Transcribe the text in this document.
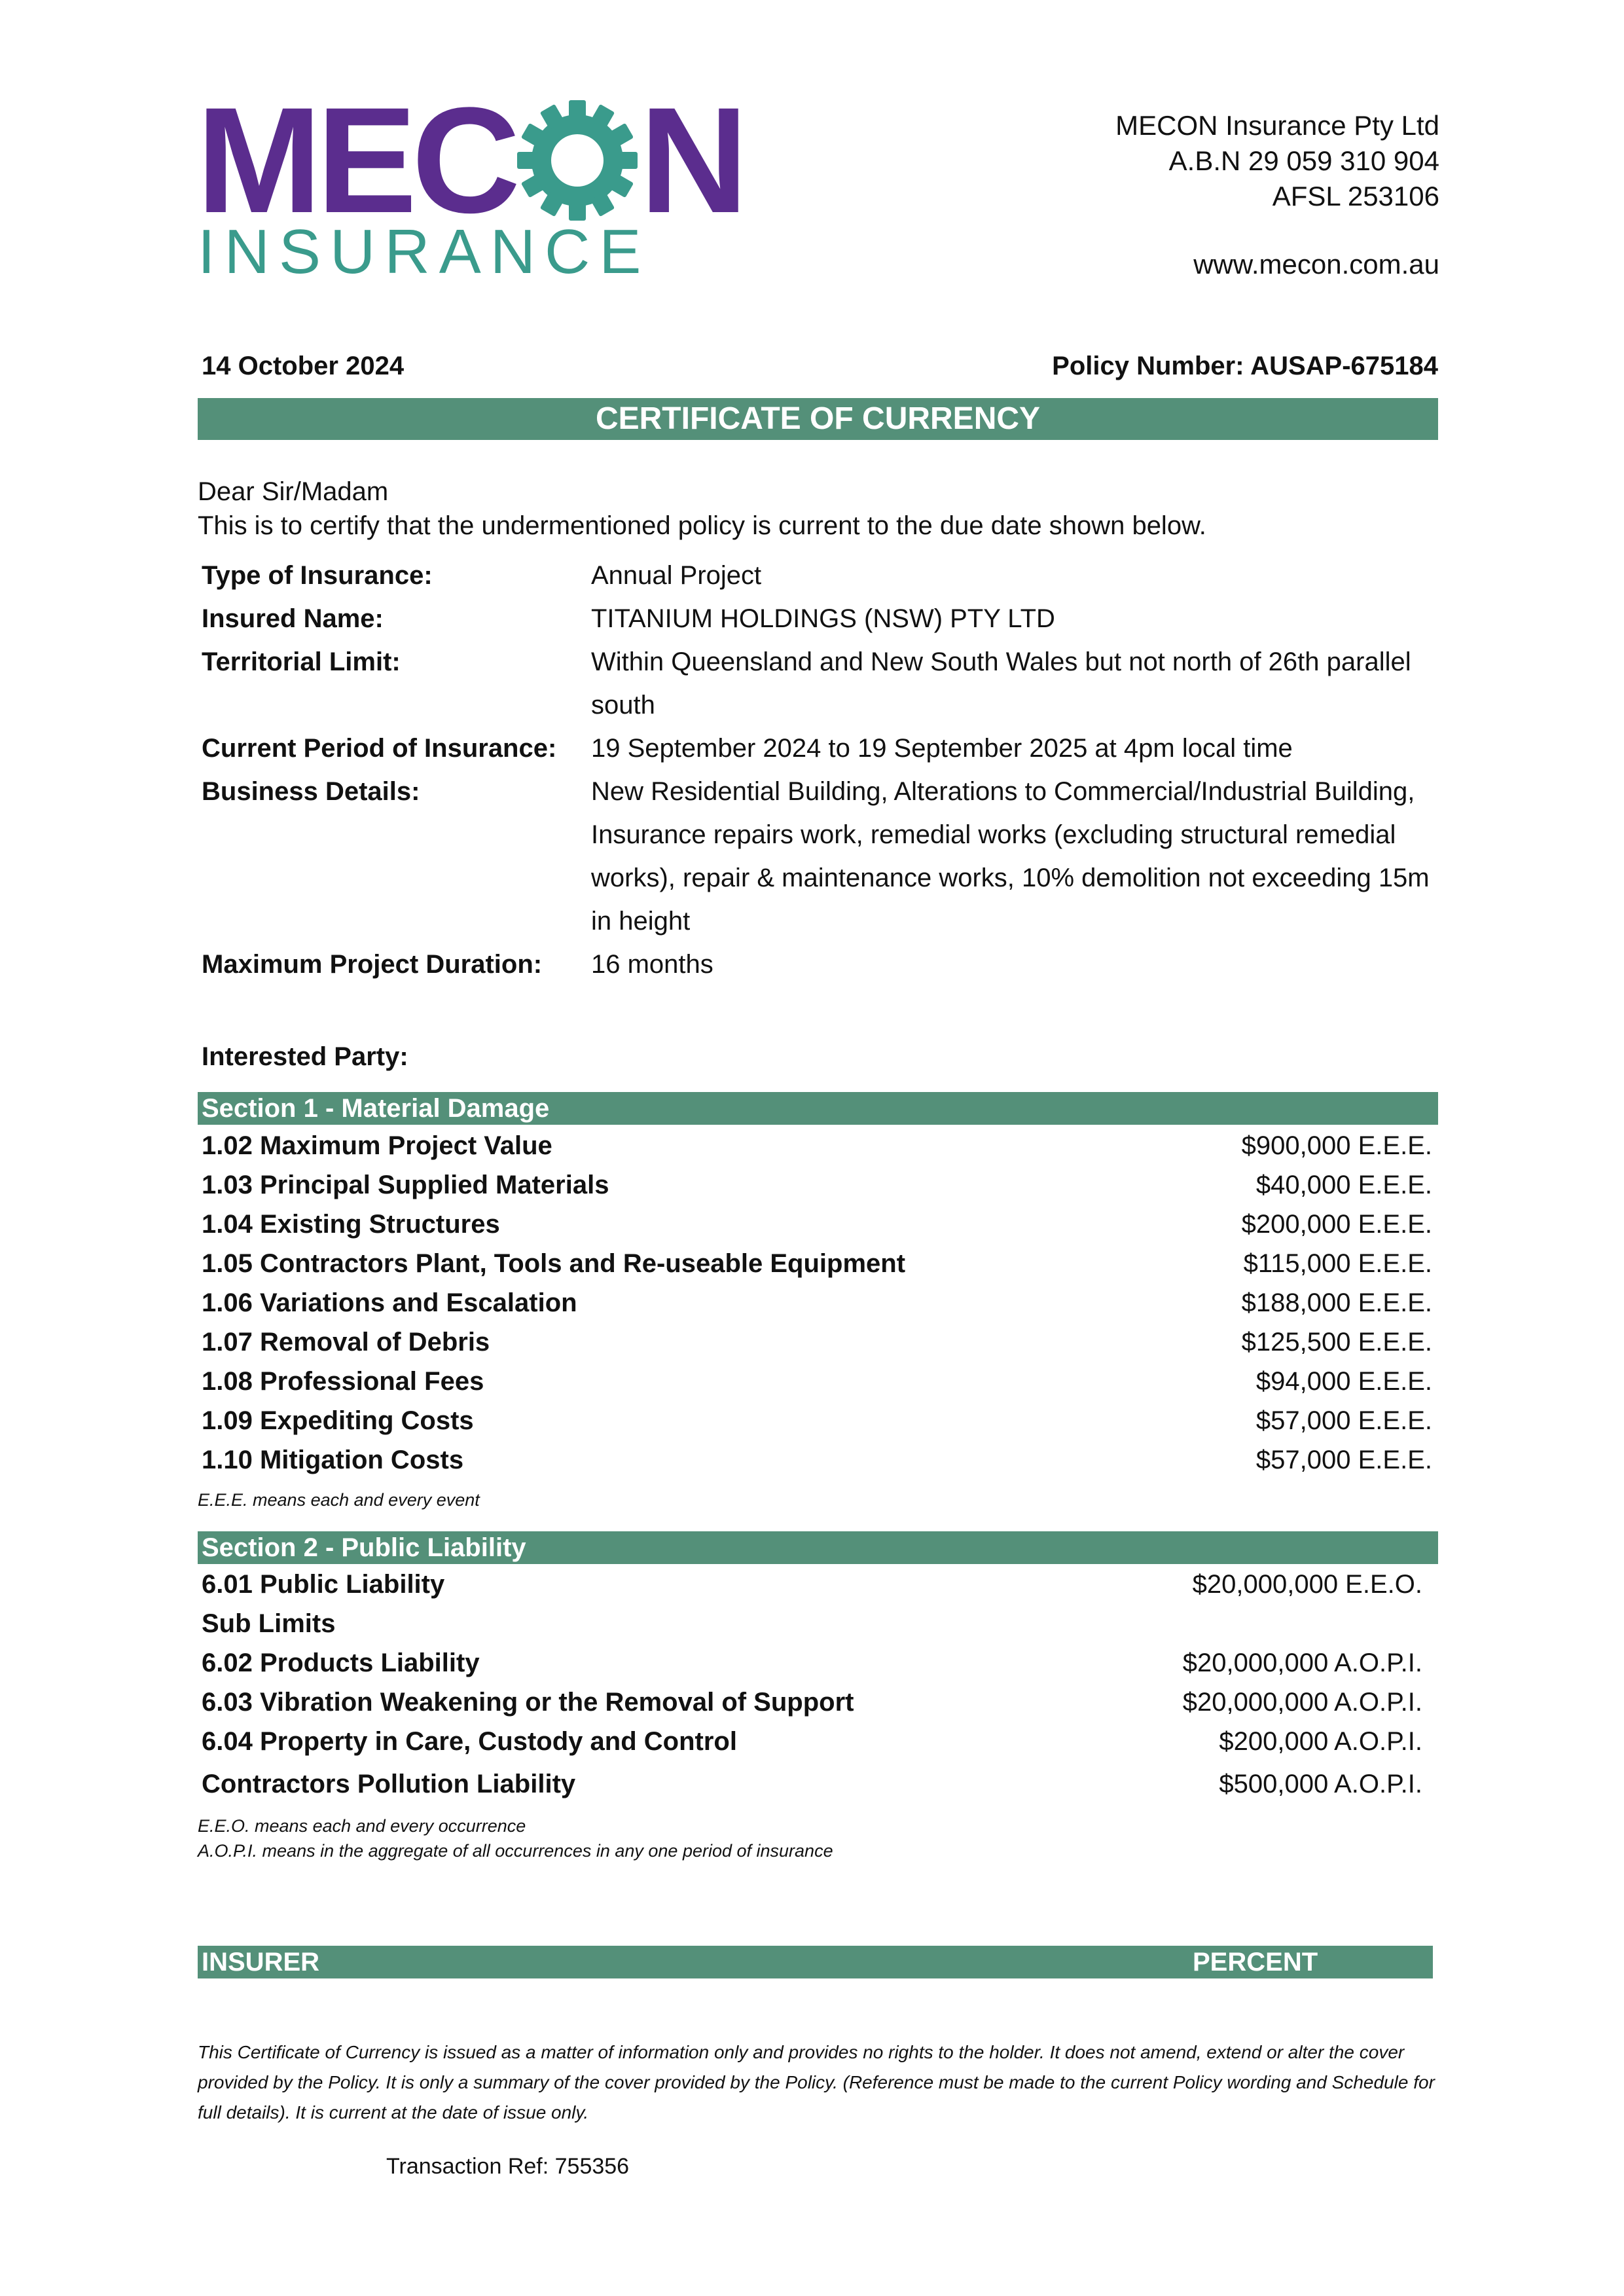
MEC N
INSURANCE
MECON Insurance Pty Ltd
A.B.N 29 059 310 904
AFSL 253106
www.mecon.com.au
14 October 2024	Policy Number: AUSAP-675184
CERTIFICATE OF CURRENCY
Dear Sir/Madam
This is to certify that the undermentioned policy is current to the due date shown below.
Type of Insurance:	Annual Project
Insured Name:	TITANIUM HOLDINGS (NSW) PTY LTD
Territorial Limit:	Within Queensland and New South Wales but not north of 26th parallel south
Current Period of Insurance:	19 September 2024 to 19 September 2025 at 4pm local time
Business Details:	New Residential Building, Alterations to Commercial/Industrial Building, Insurance repairs work, remedial works (excluding structural remedial works), repair & maintenance works, 10% demolition not exceeding 15m in height
Maximum Project Duration:	16 months
Interested Party:
Section 1 - Material Damage
1.02 Maximum Project Value	$900,000 E.E.E.
1.03 Principal Supplied Materials	$40,000 E.E.E.
1.04 Existing Structures	$200,000 E.E.E.
1.05 Contractors Plant, Tools and Re-useable Equipment	$115,000 E.E.E.
1.06 Variations and Escalation	$188,000 E.E.E.
1.07 Removal of Debris	$125,500 E.E.E.
1.08 Professional Fees	$94,000 E.E.E.
1.09 Expediting Costs	$57,000 E.E.E.
1.10 Mitigation Costs	$57,000 E.E.E.
E.E.E. means each and every event
Section 2 - Public Liability
6.01 Public Liability	$20,000,000 E.E.O.
Sub Limits
6.02 Products Liability	$20,000,000 A.O.P.I.
6.03 Vibration Weakening or the Removal of Support	$20,000,000 A.O.P.I.
6.04 Property in Care, Custody and Control	$200,000 A.O.P.I.
Contractors Pollution Liability	$500,000 A.O.P.I.
E.E.O. means each and every occurrence
A.O.P.I. means in the aggregate of all occurrences in any one period of insurance
INSURER	PERCENT
This Certificate of Currency is issued as a matter of information only and provides no rights to the holder. It does not amend, extend or alter the cover provided by the Policy. It is only a summary of the cover provided by the Policy. (Reference must be made to the current Policy wording and Schedule for full details). It is current at the date of issue only.
Transaction Ref: 755356
